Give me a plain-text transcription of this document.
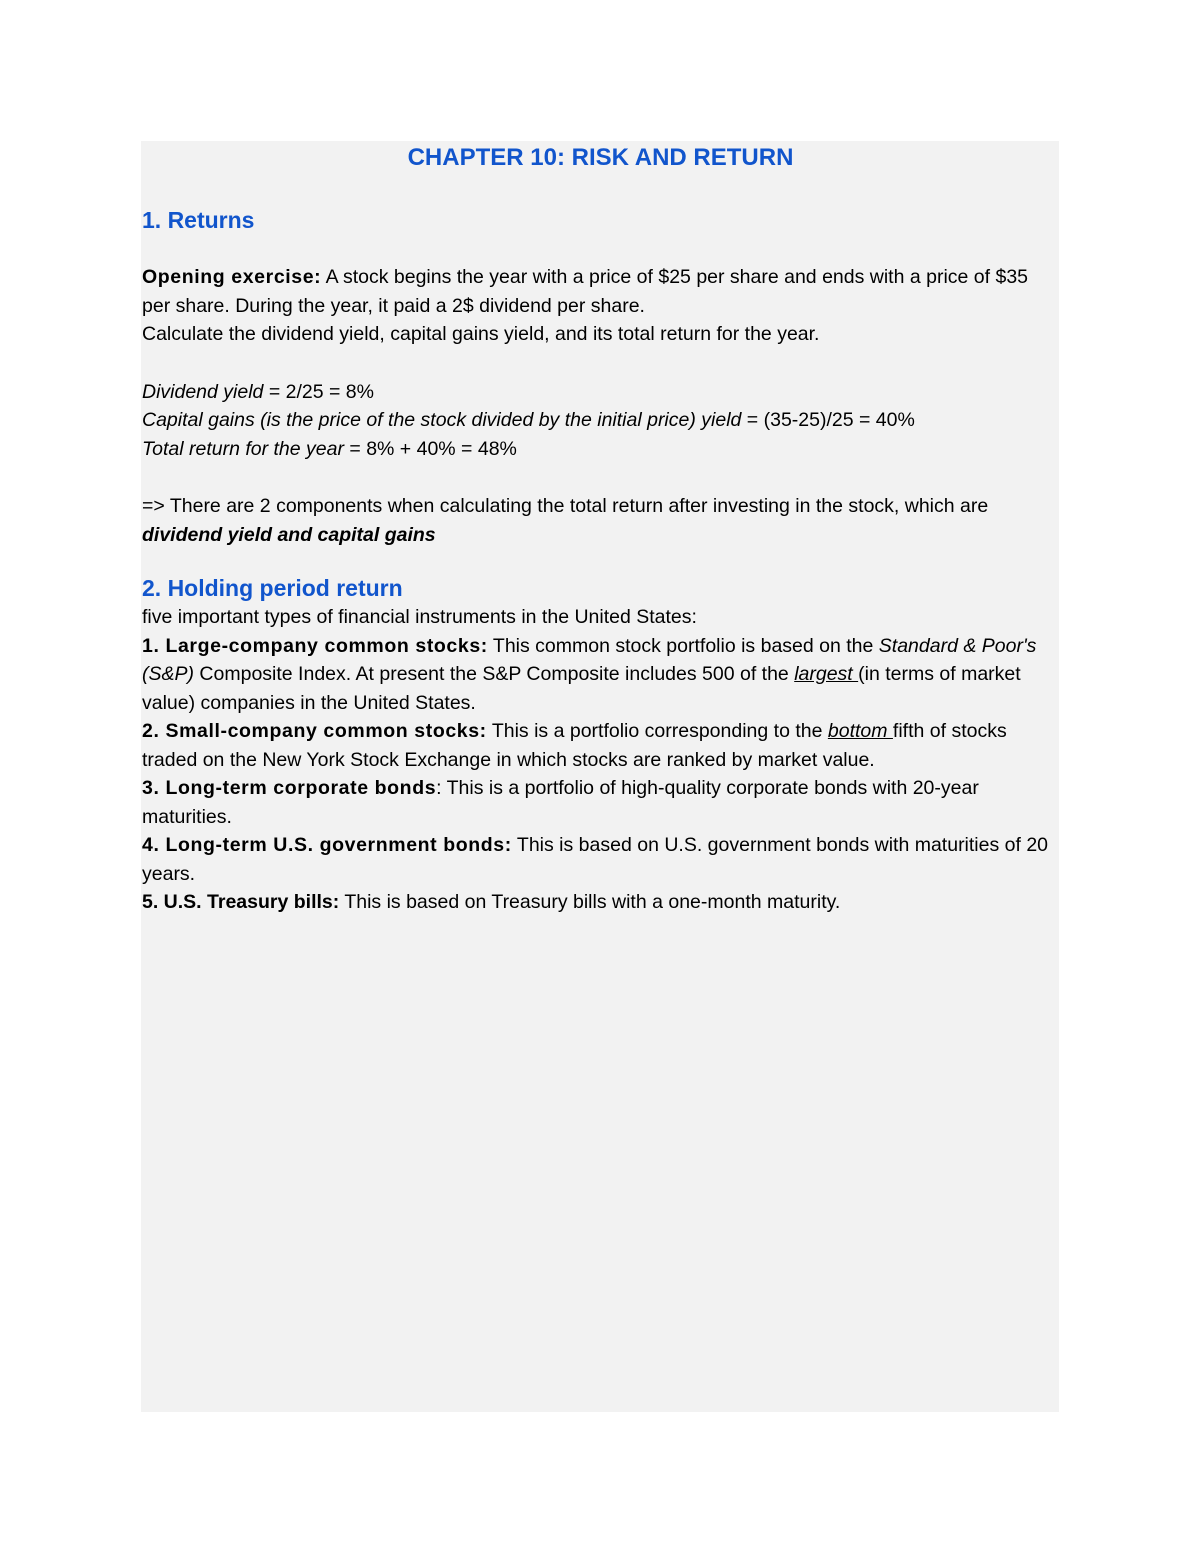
CHAPTER 10: RISK AND RETURN
1. Returns

Opening exercise: A stock begins the year with a price of $25 per share and ends with a price of $35 per share. During the year, it paid a 2$ dividend per share.

Calculate the dividend yield, capital gains yield, and its total return for the year.

Dividend yield = 2/25 = 8%

Capital gains (is the price of the stock divided by the initial price) yield = (35-25)/25 = 40%

Total return for the year = 8% + 40% = 48%

=> There are 2 components when calculating the total return after investing in the stock, which are dividend yield and capital gains

2. Holding period return

five important types of financial instruments in the United States:

1. Large-company common stocks: This common stock portfolio is based on the Standard & Poor's (S&P) Composite Index. At present the S&P Composite includes 500 of the largest (in terms of market value) companies in the United States.

2. Small-company common stocks: This is a portfolio corresponding to the bottom fifth of stocks traded on the New York Stock Exchange in which stocks are ranked by market value.

3. Long-term corporate bonds: This is a portfolio of high-quality corporate bonds with 20-year maturities.

4. Long-term U.S. government bonds: This is based on U.S. government bonds with maturities of 20 years.

5. U.S. Treasury bills: This is based on Treasury bills with a one-month maturity.
